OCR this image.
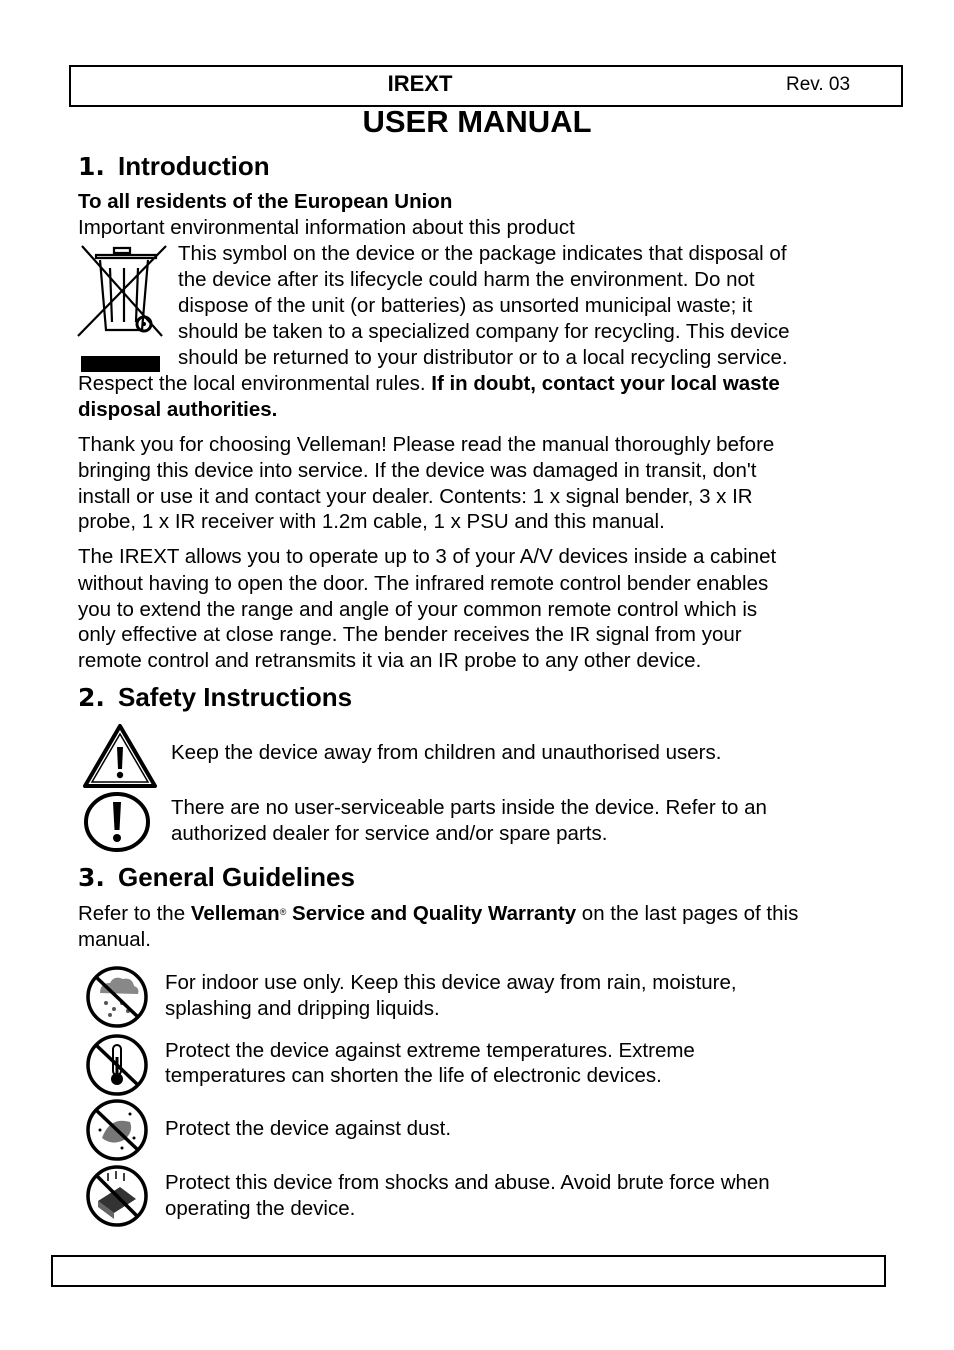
IREXT	Rev. 03
USER MANUAL
1. Introduction
To all residents of the European Union
Important environmental information about this product
This symbol on the device or the package indicates that disposal of
the device after its lifecycle could harm the environment. Do not
dispose of the unit (or batteries) as unsorted municipal waste; it
should be taken to a specialized company for recycling. This device
should be returned to your distributor or to a local recycling service.
Respect the local environmental rules. If in doubt, contact your local waste
disposal authorities.
Thank you for choosing Velleman! Please read the manual thoroughly before
bringing this device into service. If the device was damaged in transit, don't
install or use it and contact your dealer. Contents: 1 x signal bender, 3 x IR
probe, 1 x IR receiver with 1.2m cable, 1 x PSU and this manual.
The IREXT allows you to operate up to 3 of your A/V devices inside a cabinet
without having to open the door. The infrared remote control bender enables
you to extend the range and angle of your common remote control which is
only effective at close range. The bender receives the IR signal from your
remote control and retransmits it via an IR probe to any other device.
2. Safety Instructions
Keep the device away from children and unauthorised users.
There are no user-serviceable parts inside the device. Refer to an
authorized dealer for service and/or spare parts.
3. General Guidelines
Refer to the Velleman® Service and Quality Warranty on the last pages of this
manual.
For indoor use only. Keep this device away from rain, moisture,
splashing and dripping liquids.
Protect the device against extreme temperatures. Extreme
temperatures can shorten the life of electronic devices.
Protect the device against dust.
Protect this device from shocks and abuse. Avoid brute force when
operating the device.
